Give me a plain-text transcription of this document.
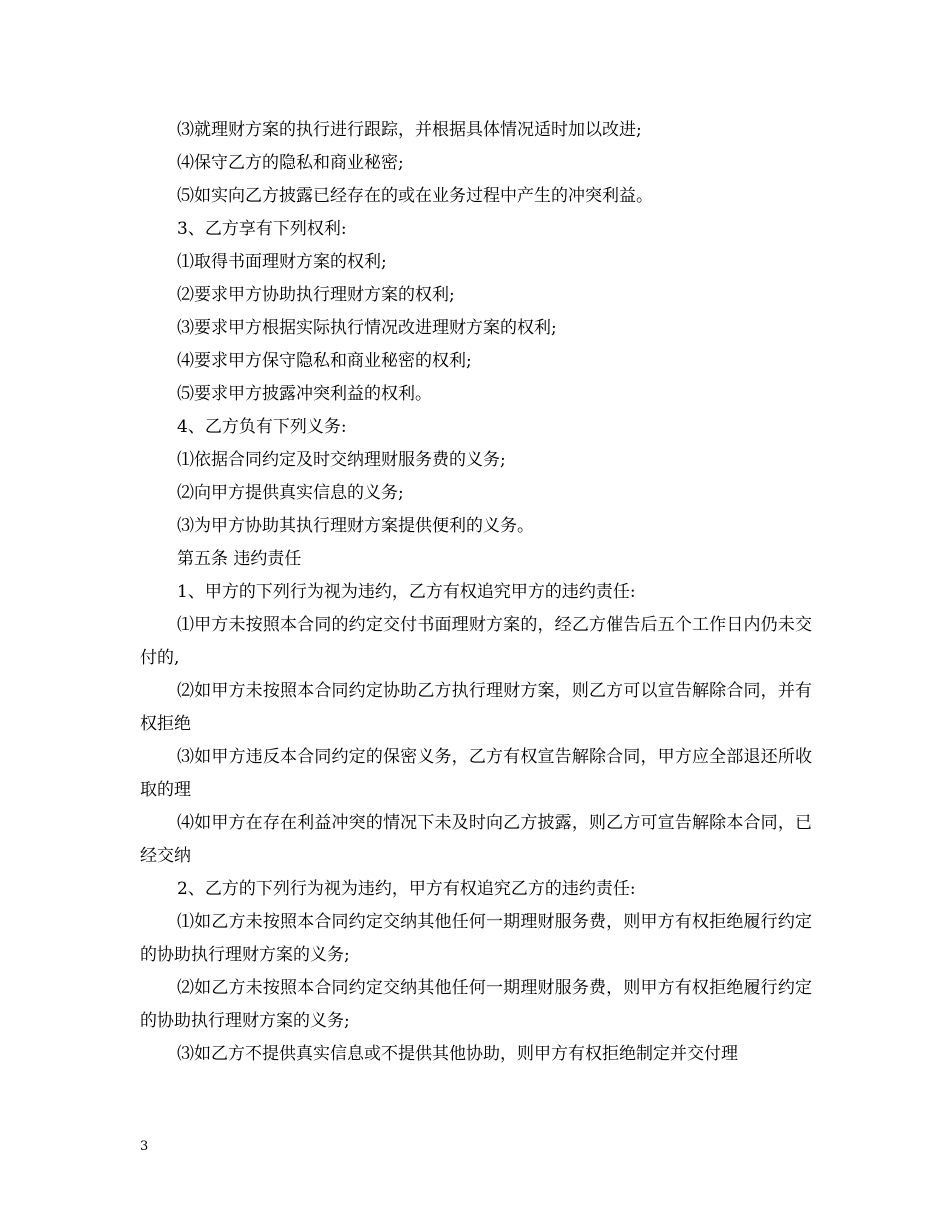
⑶就理财方案的执行进行跟踪，并根据具体情况适时加以改进;

⑷保守乙方的隐私和商业秘密;

⑸如实向乙方披露已经存在的或在业务过程中产生的冲突利益。

3、乙方享有下列权利:

⑴取得书面理财方案的权利;

⑵要求甲方协助执行理财方案的权利;

⑶要求甲方根据实际执行情况改进理财方案的权利;

⑷要求甲方保守隐私和商业秘密的权利;

⑸要求甲方披露冲突利益的权利。

4、乙方负有下列义务:

⑴依据合同约定及时交纳理财服务费的义务;

⑵向甲方提供真实信息的义务;

⑶为甲方协助其执行理财方案提供便利的义务。

第五条 违约责任

1、甲方的下列行为视为违约，乙方有权追究甲方的违约责任:

⑴甲方未按照本合同的约定交付书面理财方案的，经乙方催告后五个工作日内仍未交付的,

⑵如甲方未按照本合同约定协助乙方执行理财方案，则乙方可以宣告解除合同，并有权拒绝

⑶如甲方违反本合同约定的保密义务，乙方有权宣告解除合同，甲方应全部退还所收取的理

⑷如甲方在存在利益冲突的情况下未及时向乙方披露，则乙方可宣告解除本合同，已经交纳

2、乙方的下列行为视为违约，甲方有权追究乙方的违约责任:

⑴如乙方未按照本合同约定交纳其他任何一期理财服务费，则甲方有权拒绝履行约定的协助执行理财方案的义务;

⑵如乙方未按照本合同约定交纳其他任何一期理财服务费，则甲方有权拒绝履行约定的协助执行理财方案的义务;

⑶如乙方不提供真实信息或不提供其他协助，则甲方有权拒绝制定并交付理

3
